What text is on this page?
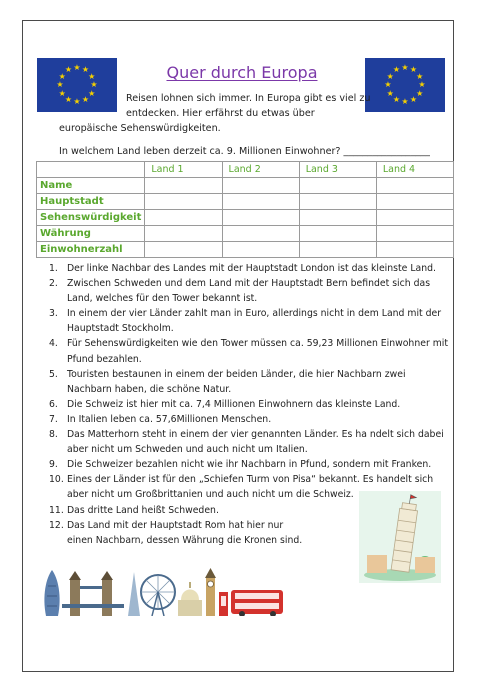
★ ★
★
★
★
★
★
★
★
★
★
★	★ ★
★
★
★
★
★
★
★
★
★
★
Quer durch Europa
Reisen lohnen sich immer. In Europa gibt es viel zu
entdecken. Hier erfährst du etwas über
europäische Sehenswürdigkeiten.
In welchem Land leben derzeit ca. 9. Millionen Einwohner? __________________
	Land 1	Land 2	Land 3	Land 4
Name				
Hauptstadt				
Sehenswürdigkeit				
Währung				
Einwohnerzahl				
1. Der linke Nachbar des Landes mit der Hauptstadt London ist das kleinste Land.
2. Zwischen Schweden und dem Land mit der Hauptstadt Bern befindet sich das Land, welches für den Tower bekannt ist.
3. In einem der vier Länder zahlt man in Euro, allerdings nicht in dem Land mit der Hauptstadt Stockholm.
4. Für Sehenswürdigkeiten wie den Tower müssen ca. 59,23 Millionen Einwohner mit Pfund bezahlen.
5. Touristen bestaunen in einem der beiden Länder, die hier Nachbarn zwei Nachbarn haben, die schöne Natur.
6. Die Schweiz ist hier mit ca. 7,4 Millionen Einwohnern das kleinste Land.
7. In Italien leben ca. 57,6Millionen Menschen.
8. Das Matterhorn steht in einem der vier genannten Länder. Es ha ndelt sich dabei aber nicht um Schweden und auch nicht um Italien.
9. Die Schweizer bezahlen nicht wie ihr Nachbarn in Pfund, sondern mit Franken.
10. Eines der Länder ist für den „Schiefen Turm von Pisa“ bekannt. Es handelt sich aber nicht um Großbrittanien und auch nicht um die Schweiz.
11. Das dritte Land heißt Schweden.
12. Das Land mit der Hauptstadt Rom hat hier nur einen Nachbarn, dessen Währung die Kronen sind.
